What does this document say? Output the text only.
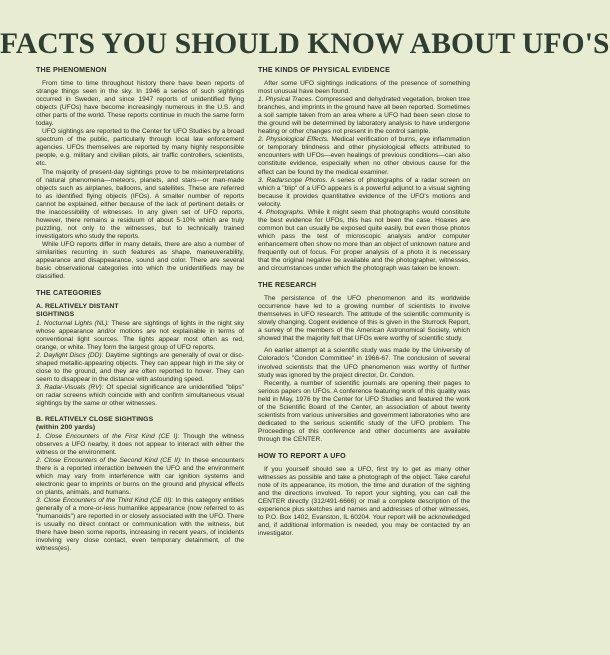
FACTS YOU SHOULD KNOW ABOUT UFO'S
THE PHENOMENON

From time to time throughout history there have been reports of strange things seen in the sky. In 1946 a series of such sightings occurred in Sweden, and since 1947 reports of unidentified flying objects (UFOs) have become increasingly numerous in the U.S. and other parts of the world. These reports continue in much the same form today.

UFO sightings are reported to the Center for UFO Studies by a broad spectrum of the public, particularly through local law enforcement agencies. UFOs themselves are reported by many highly responsible people, e.g. military and civilian pilots, air traffic controllers, scientists, etc.

The majority of present-day sightings prove to be misinterpretations of natural phenomena—meteors, planets, and stars—or man-made objects such as airplanes, balloons, and satellites. These are referred to as identified flying objects (IFOs). A smaller number of reports cannot be explained, either because of the lack of pertinent details or the inaccessibility of witnesses. In any given set of UFO reports, however, there remains a residuum of about 5-10% which are truly puzzling, not only to the witnesses, but to technically trained investigators who study the reports.

While UFO reports differ in many details, there are also a number of similarities recurring in such features as shape, maneuverability, appearance and disappearance, sound and color. There are several basic observational categories into which the unidentifieds may be classified.

THE CATEGORIES
A. RELATIVELY DISTANT
SIGHTINGS

1. Nocturnal Lights (NL): These are sightings of lights in the night sky whose appearance and/or motions are not explainable in terms of conventional light sources. The lights appear most often as red, orange, or white. They form the largest group of UFO reports.

2. Daylight Discs (DD): Daytime sightings are generally of oval or disc-shaped metallic-appearing objects. They can appear high in the sky or close to the ground, and they are often reported to hover. They can seem to disappear in the distance with astounding speed.

3. Radar-Visuals (RV): Of special significance are unidentified "blips" on radar screens which coincide with and confirm simultaneous visual sightings by the same or other witnesses.

B. RELATIVELY CLOSE SIGHTINGS
(within 200 yards)

1. Close Encounters of the First Kind (CE I): Though the witness observes a UFO nearby, it does not appear to interact with either the witness or the environment.

2. Close Encounters of the Second Kind (CE II): In these encounters there is a reported interaction between the UFO and the environment which may vary from interference with car ignition systems and electronic gear to imprints or burns on the ground and physical effects on plants, animals, and humans.

3. Close Encounters of the Third Kind (CE III): In this category entities generally of a more-or-less humanlike appearance (now referred to as "humanoids") are reported in or closely associated with the UFO. There is usually no direct contact or communication with the witness, but there have been some reports, increasing in recent years, of incidents involving very close contact, even temporary detainment, of the witness(es).

THE KINDS OF PHYSICAL EVIDENCE

After some UFO sightings indications of the presence of something most unusual have been found.

1. Physical Traces. Compressed and dehydrated vegetation, broken tree branches, and imprints in the ground have all been reported. Sometimes a soil sample taken from an area where a UFO had been seen close to the ground will be determined by laboratory analysis to have undergone heating or other changes not present in the control sample.

2. Physiological Effects. Medical verification of burns, eye inflammation or temporary blindness and other physiological effects attributed to encounters with UFOs—even healings of previous conditions—can also constitute evidence, especially when no other obvious cause for the effect can be found by the medical examiner.

3. Radarscope Photos. A series of photographs of a radar screen on which a "blip" of a UFO appears is a powerful adjunct to a visual sighting because it provides quantitative evidence of the UFO's motions and velocity.

4. Photographs. While it might seem that photographs would constitute the best evidence for UFOs, this has not been the case. Hoaxes are common but can usually be exposed quite easily, but even those photos which pass the test of microscopic analysis and/or computer enhancement often show no more than an object of unknown nature and frequently out of focus. For proper analysis of a photo it is necessary that the original negative be available and the photographer, witnesses, and circumstances under which the photograph was taken be known.

THE RESEARCH

The persistence of the UFO phenomenon and its worldwide occurrence have led to a growing number of scientists to involve themselves in UFO research. The attitude of the scientific community is slowly changing. Cogent evidence of this is given in the Sturrock Report, a survey of the members of the American Astronomical Society, which showed that the majority felt that UFOs were worthy of scientific study.

An earlier attempt at a scientific study was made by the University of Colorado's "Condon Committee" in 1966-67. The conclusion of several involved scientists that the UFO phenomenon was worthy of further study was ignored by the project director, Dr. Condon.

Recently, a number of scientific journals are opening their pages to serious papers on UFOs. A conference featuring work of this quality was held in May, 1976 by the Center for UFO Studies and featured the work of the Scientific Board of the Center, an association of about twenty scientists from various universities and government laboratories who are dedicated to the serious scientific study of the UFO problem. The Proceedings of this conference and other documents are available through the CENTER.

HOW TO REPORT A UFO

If you yourself should see a UFO, first try to get as many other witnesses as possible and take a photograph of the object. Take careful note of its appearance, its motion, the time and duration of the sighting and the directions involved. To report your sighting, you can call the CENTER directly (312/491-6666) or mail a complete description of the experience plus sketches and names and addresses of other witnesses, to P.O. Box 1402, Evanston, IL 60204. Your report will be acknowledged and, if additional information is needed, you may be contacted by an investigator.
